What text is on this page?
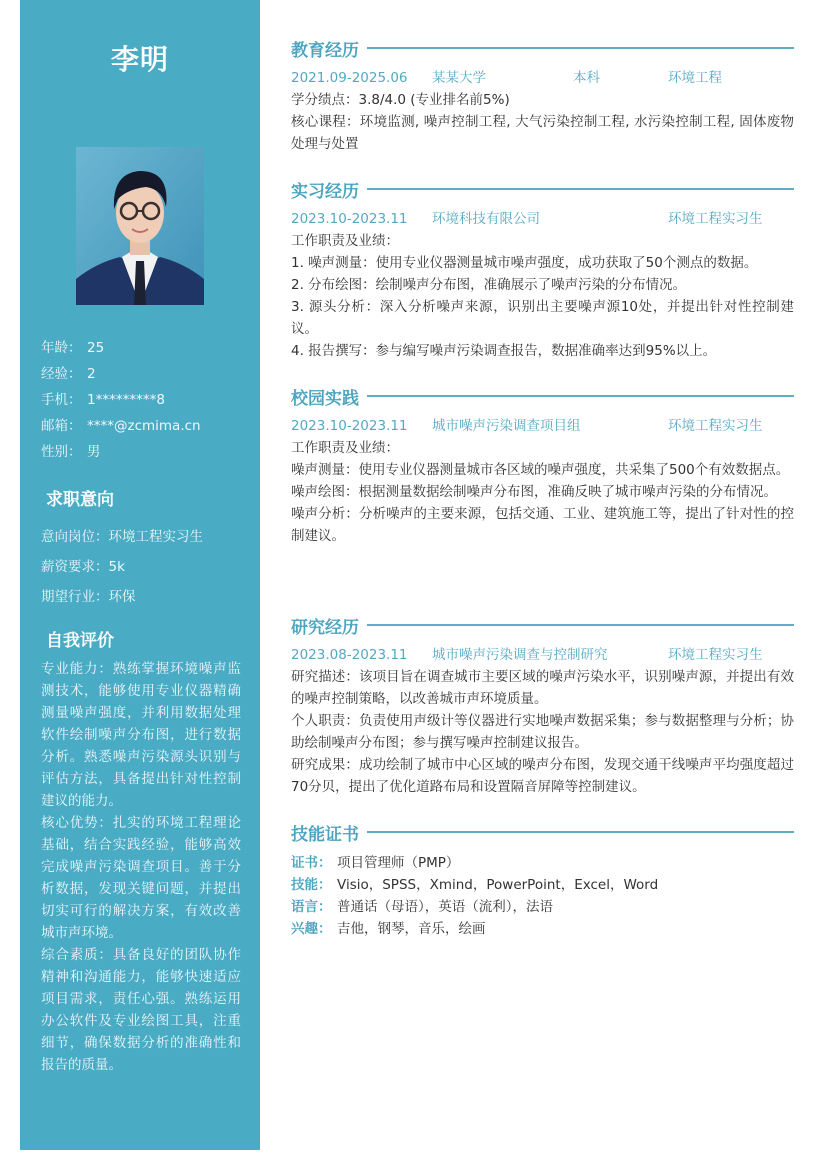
李明
年龄： 25
经验： 2
手机： 1*********8
邮箱： ****@zcmima.cn
性别： 男
求职意向
意向岗位：环境工程实习生
薪资要求：5k
期望行业：环保
自我评价

专业能力：熟练掌握环境噪声监测技术，能够使用专业仪器精确测量噪声强度，并利用数据处理软件绘制噪声分布图，进行数据分析。熟悉噪声污染源头识别与评估方法，具备提出针对性控制建议的能力。

核心优势：扎实的环境工程理论基础，结合实践经验，能够高效完成噪声污染调查项目。善于分析数据，发现关键问题，并提出切实可行的解决方案，有效改善城市声环境。

综合素质：具备良好的团队协作精神和沟通能力，能够快速适应项目需求，责任心强。熟练运用办公软件及专业绘图工具，注重细节，确保数据分析的准确性和报告的质量。

教育经历
2021.09-2025.06 某某大学	本科	环境工程

学分绩点：3.8/4.0 (专业排名前5%)

核心课程：环境监测, 噪声控制工程, 大气污染控制工程, 水污染控制工程, 固体废物处理与处置

实习经历
2023.10-2023.11 环境科技有限公司	环境工程实习生

工作职责及业绩：

1. 噪声测量：使用专业仪器测量城市噪声强度，成功获取了50个测点的数据。

2. 分布绘图：绘制噪声分布图，准确展示了噪声污染的分布情况。

3. 源头分析：深入分析噪声来源，识别出主要噪声源10处，并提出针对性控制建议。

4. 报告撰写：参与编写噪声污染调查报告，数据准确率达到95%以上。

校园实践
2023.10-2023.11 城市噪声污染调查项目组	环境工程实习生

工作职责及业绩：

噪声测量：使用专业仪器测量城市各区域的噪声强度，共采集了500个有效数据点。

噪声绘图：根据测量数据绘制噪声分布图，准确反映了城市噪声污染的分布情况。

噪声分析：分析噪声的主要来源，包括交通、工业、建筑施工等，提出了针对性的控制建议。

研究经历
2023.08-2023.11 城市噪声污染调查与控制研究	环境工程实习生

研究描述：该项目旨在调查城市主要区域的噪声污染水平，识别噪声源，并提出有效的噪声控制策略，以改善城市声环境质量。

个人职责：负责使用声级计等仪器进行实地噪声数据采集；参与数据整理与分析；协助绘制噪声分布图；参与撰写噪声控制建议报告。

研究成果：成功绘制了城市中心区域的噪声分布图，发现交通干线噪声平均强度超过70分贝，提出了优化道路布局和设置隔音屏障等控制建议。

技能证书
证书： 项目管理师（PMP）
技能： Visio，SPSS，Xmind，PowerPoint，Excel，Word
语言： 普通话（母语），英语（流利），法语
兴趣： 吉他，钢琴，音乐，绘画
